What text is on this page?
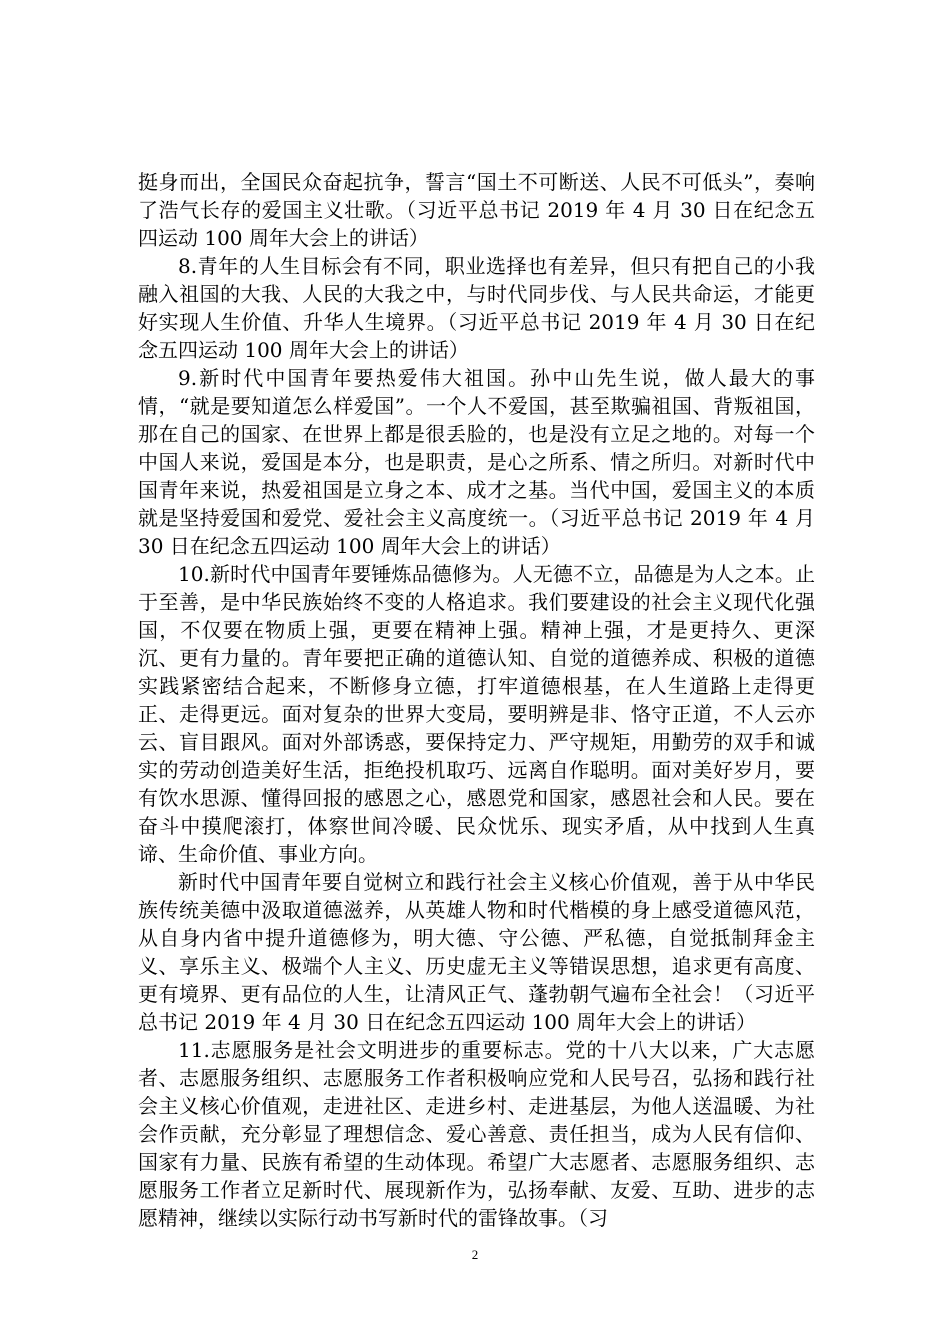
挺身而出，全国民众奋起抗争，誓言“国土不可断送、人民不可低头”，奏响了浩气长存的爱国主义壮歌。（习近平总书记 2019 年 4 月 30 日在纪念五四运动 100 周年大会上的讲话）

8.青年的人生目标会有不同，职业选择也有差异，但只有把自己的小我融入祖国的大我、人民的大我之中，与时代同步伐、与人民共命运，才能更好实现人生价值、升华人生境界。（习近平总书记 2019 年 4 月 30 日在纪念五四运动 100 周年大会上的讲话）

9.新时代中国青年要热爱伟大祖国。孙中山先生说，做人最大的事情，“就是要知道怎么样爱国”。一个人不爱国，甚至欺骗祖国、背叛祖国，那在自己的国家、在世界上都是很丢脸的，也是没有立足之地的。对每一个中国人来说，爱国是本分，也是职责，是心之所系、情之所归。对新时代中国青年来说，热爱祖国是立身之本、成才之基。当代中国，爱国主义的本质就是坚持爱国和爱党、爱社会主义高度统一。（习近平总书记 2019 年 4 月 30 日在纪念五四运动 100 周年大会上的讲话）

10.新时代中国青年要锤炼品德修为。人无德不立，品德是为人之本。止于至善，是中华民族始终不变的人格追求。我们要建设的社会主义现代化强国，不仅要在物质上强，更要在精神上强。精神上强，才是更持久、更深沉、更有力量的。青年要把正确的道德认知、自觉的道德养成、积极的道德实践紧密结合起来，不断修身立德，打牢道德根基，在人生道路上走得更正、走得更远。面对复杂的世界大变局，要明辨是非、恪守正道，不人云亦云、盲目跟风。面对外部诱惑，要保持定力、严守规矩，用勤劳的双手和诚实的劳动创造美好生活，拒绝投机取巧、远离自作聪明。面对美好岁月，要有饮水思源、懂得回报的感恩之心，感恩党和国家，感恩社会和人民。要在奋斗中摸爬滚打，体察世间冷暖、民众忧乐、现实矛盾，从中找到人生真谛、生命价值、事业方向。

新时代中国青年要自觉树立和践行社会主义核心价值观，善于从中华民族传统美德中汲取道德滋养，从英雄人物和时代楷模的身上感受道德风范，从自身内省中提升道德修为，明大德、守公德、严私德，自觉抵制拜金主义、享乐主义、极端个人主义、历史虚无主义等错误思想，追求更有高度、更有境界、更有品位的人生，让清风正气、蓬勃朝气遍布全社会！（习近平总书记 2019 年 4 月 30 日在纪念五四运动 100 周年大会上的讲话）

11.志愿服务是社会文明进步的重要标志。党的十八大以来，广大志愿者、志愿服务组织、志愿服务工作者积极响应党和人民号召，弘扬和践行社会主义核心价值观，走进社区、走进乡村、走进基层，为他人送温暖、为社会作贡献，充分彰显了理想信念、爱心善意、责任担当，成为人民有信仰、国家有力量、民族有希望的生动体现。希望广大志愿者、志愿服务组织、志愿服务工作者立足新时代、展现新作为，弘扬奉献、友爱、互助、进步的志愿精神，继续以实际行动书写新时代的雷锋故事。（习

2
